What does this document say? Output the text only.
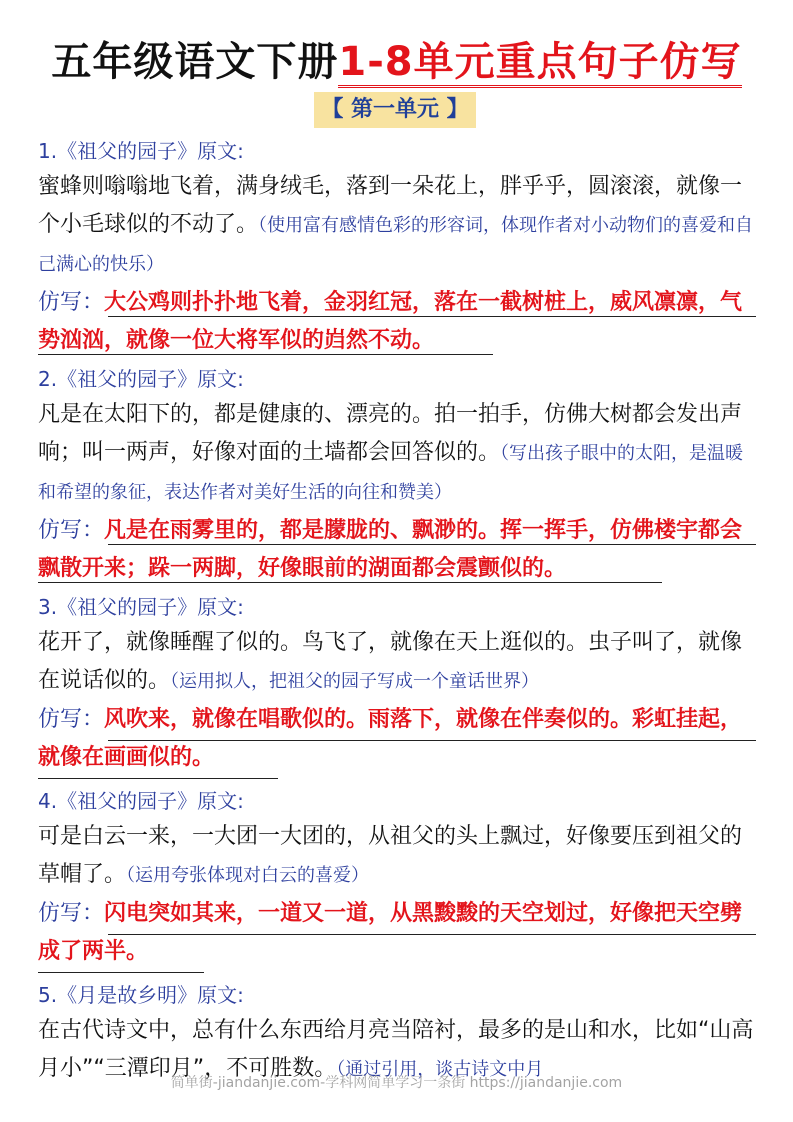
五年级语文下册1-8单元重点句子仿写
【 第一单元 】
1.《祖父的园子》原文:
蜜蜂则嗡嗡地飞着，满身绒毛，落到一朵花上，胖乎乎，圆滚滚，就像一个小毛球似的不动了。（使用富有感情色彩的形容词，体现作者对小动物们的喜爱和自己满心的快乐）
仿写：大公鸡则扑扑地飞着，金羽红冠，落在一截树桩上，威风凛凛，气势汹汹，就像一位大将军似的岿然不动。
2.《祖父的园子》原文:
凡是在太阳下的，都是健康的、漂亮的。拍一拍手，仿佛大树都会发出声响；叫一两声，好像对面的土墙都会回答似的。（写出孩子眼中的太阳，是温暖和希望的象征，表达作者对美好生活的向往和赞美）
仿写：凡是在雨雾里的，都是朦胧的、飘渺的。挥一挥手，仿佛楼宇都会飘散开来；跺一两脚，好像眼前的湖面都会震颤似的。
3.《祖父的园子》原文:
花开了，就像睡醒了似的。鸟飞了，就像在天上逛似的。虫子叫了，就像在说话似的。（运用拟人，把祖父的园子写成一个童话世界）
仿写：风吹来，就像在唱歌似的。雨落下，就像在伴奏似的。彩虹挂起，就像在画画似的。
4.《祖父的园子》原文:
可是白云一来，一大团一大团的，从祖父的头上飘过，好像要压到祖父的草帽了。（运用夸张体现对白云的喜爱）
仿写：闪电突如其来，一道又一道，从黑黢黢的天空划过，好像把天空劈成了两半。
5.《月是故乡明》原文:
在古代诗文中，总有什么东西给月亮当陪衬，最多的是山和水，比如“山高月小”“三潭印月”，不可胜数。（通过引用，谈古诗文中月
简单街-jiandanjie.com-学科网简单学习一条街 https://jiandanjie.com
